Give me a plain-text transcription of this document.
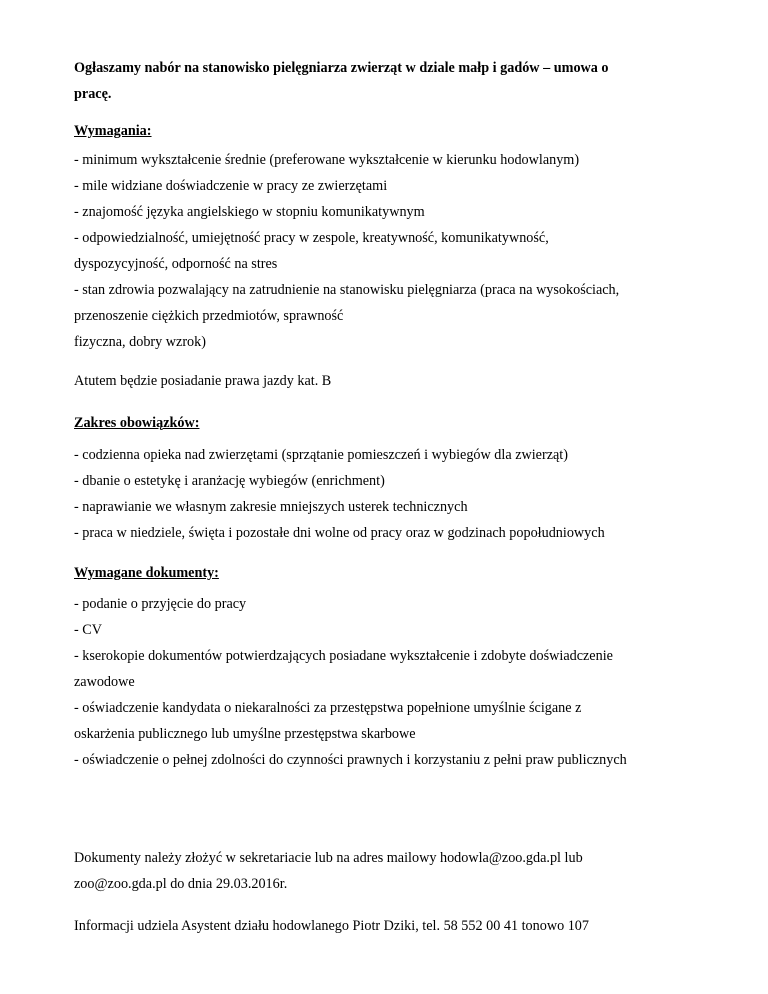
Ogłaszamy nabór na stanowisko pielęgniarza zwierząt w dziale małp i gadów – umowa o
pracę.
Wymagania:
- minimum wykształcenie średnie (preferowane wykształcenie w kierunku hodowlanym)
- mile widziane doświadczenie w pracy ze zwierzętami
- znajomość języka angielskiego w stopniu komunikatywnym
- odpowiedzialność, umiejętność pracy w zespole, kreatywność, komunikatywność,
dyspozycyjność, odporność na stres
- stan zdrowia pozwalający na zatrudnienie na stanowisku pielęgniarza (praca na wysokościach,
przenoszenie ciężkich przedmiotów, sprawność
fizyczna, dobry wzrok)
Atutem będzie posiadanie prawa jazdy kat. B
Zakres obowiązków:
- codzienna opieka nad zwierzętami (sprzątanie pomieszczeń i wybiegów dla zwierząt)
- dbanie o estetykę i aranżację wybiegów (enrichment)
- naprawianie we własnym zakresie mniejszych usterek technicznych
- praca w niedziele, święta i pozostałe dni wolne od pracy oraz w godzinach popołudniowych
Wymagane dokumenty:
- podanie o przyjęcie do pracy
- CV
- kserokopie dokumentów potwierdzających posiadane wykształcenie i zdobyte doświadczenie
zawodowe
- oświadczenie kandydata o niekaralności za przestępstwa popełnione umyślnie ścigane z
oskarżenia publicznego lub umyślne przestępstwa skarbowe
- oświadczenie o pełnej zdolności do czynności prawnych i korzystaniu z pełni praw publicznych
Dokumenty należy złożyć w sekretariacie lub na adres mailowy hodowla@zoo.gda.pl lub
zoo@zoo.gda.pl do dnia 29.03.2016r.
Informacji udziela Asystent działu hodowlanego Piotr Dziki, tel. 58 552 00 41 tonowo 107
